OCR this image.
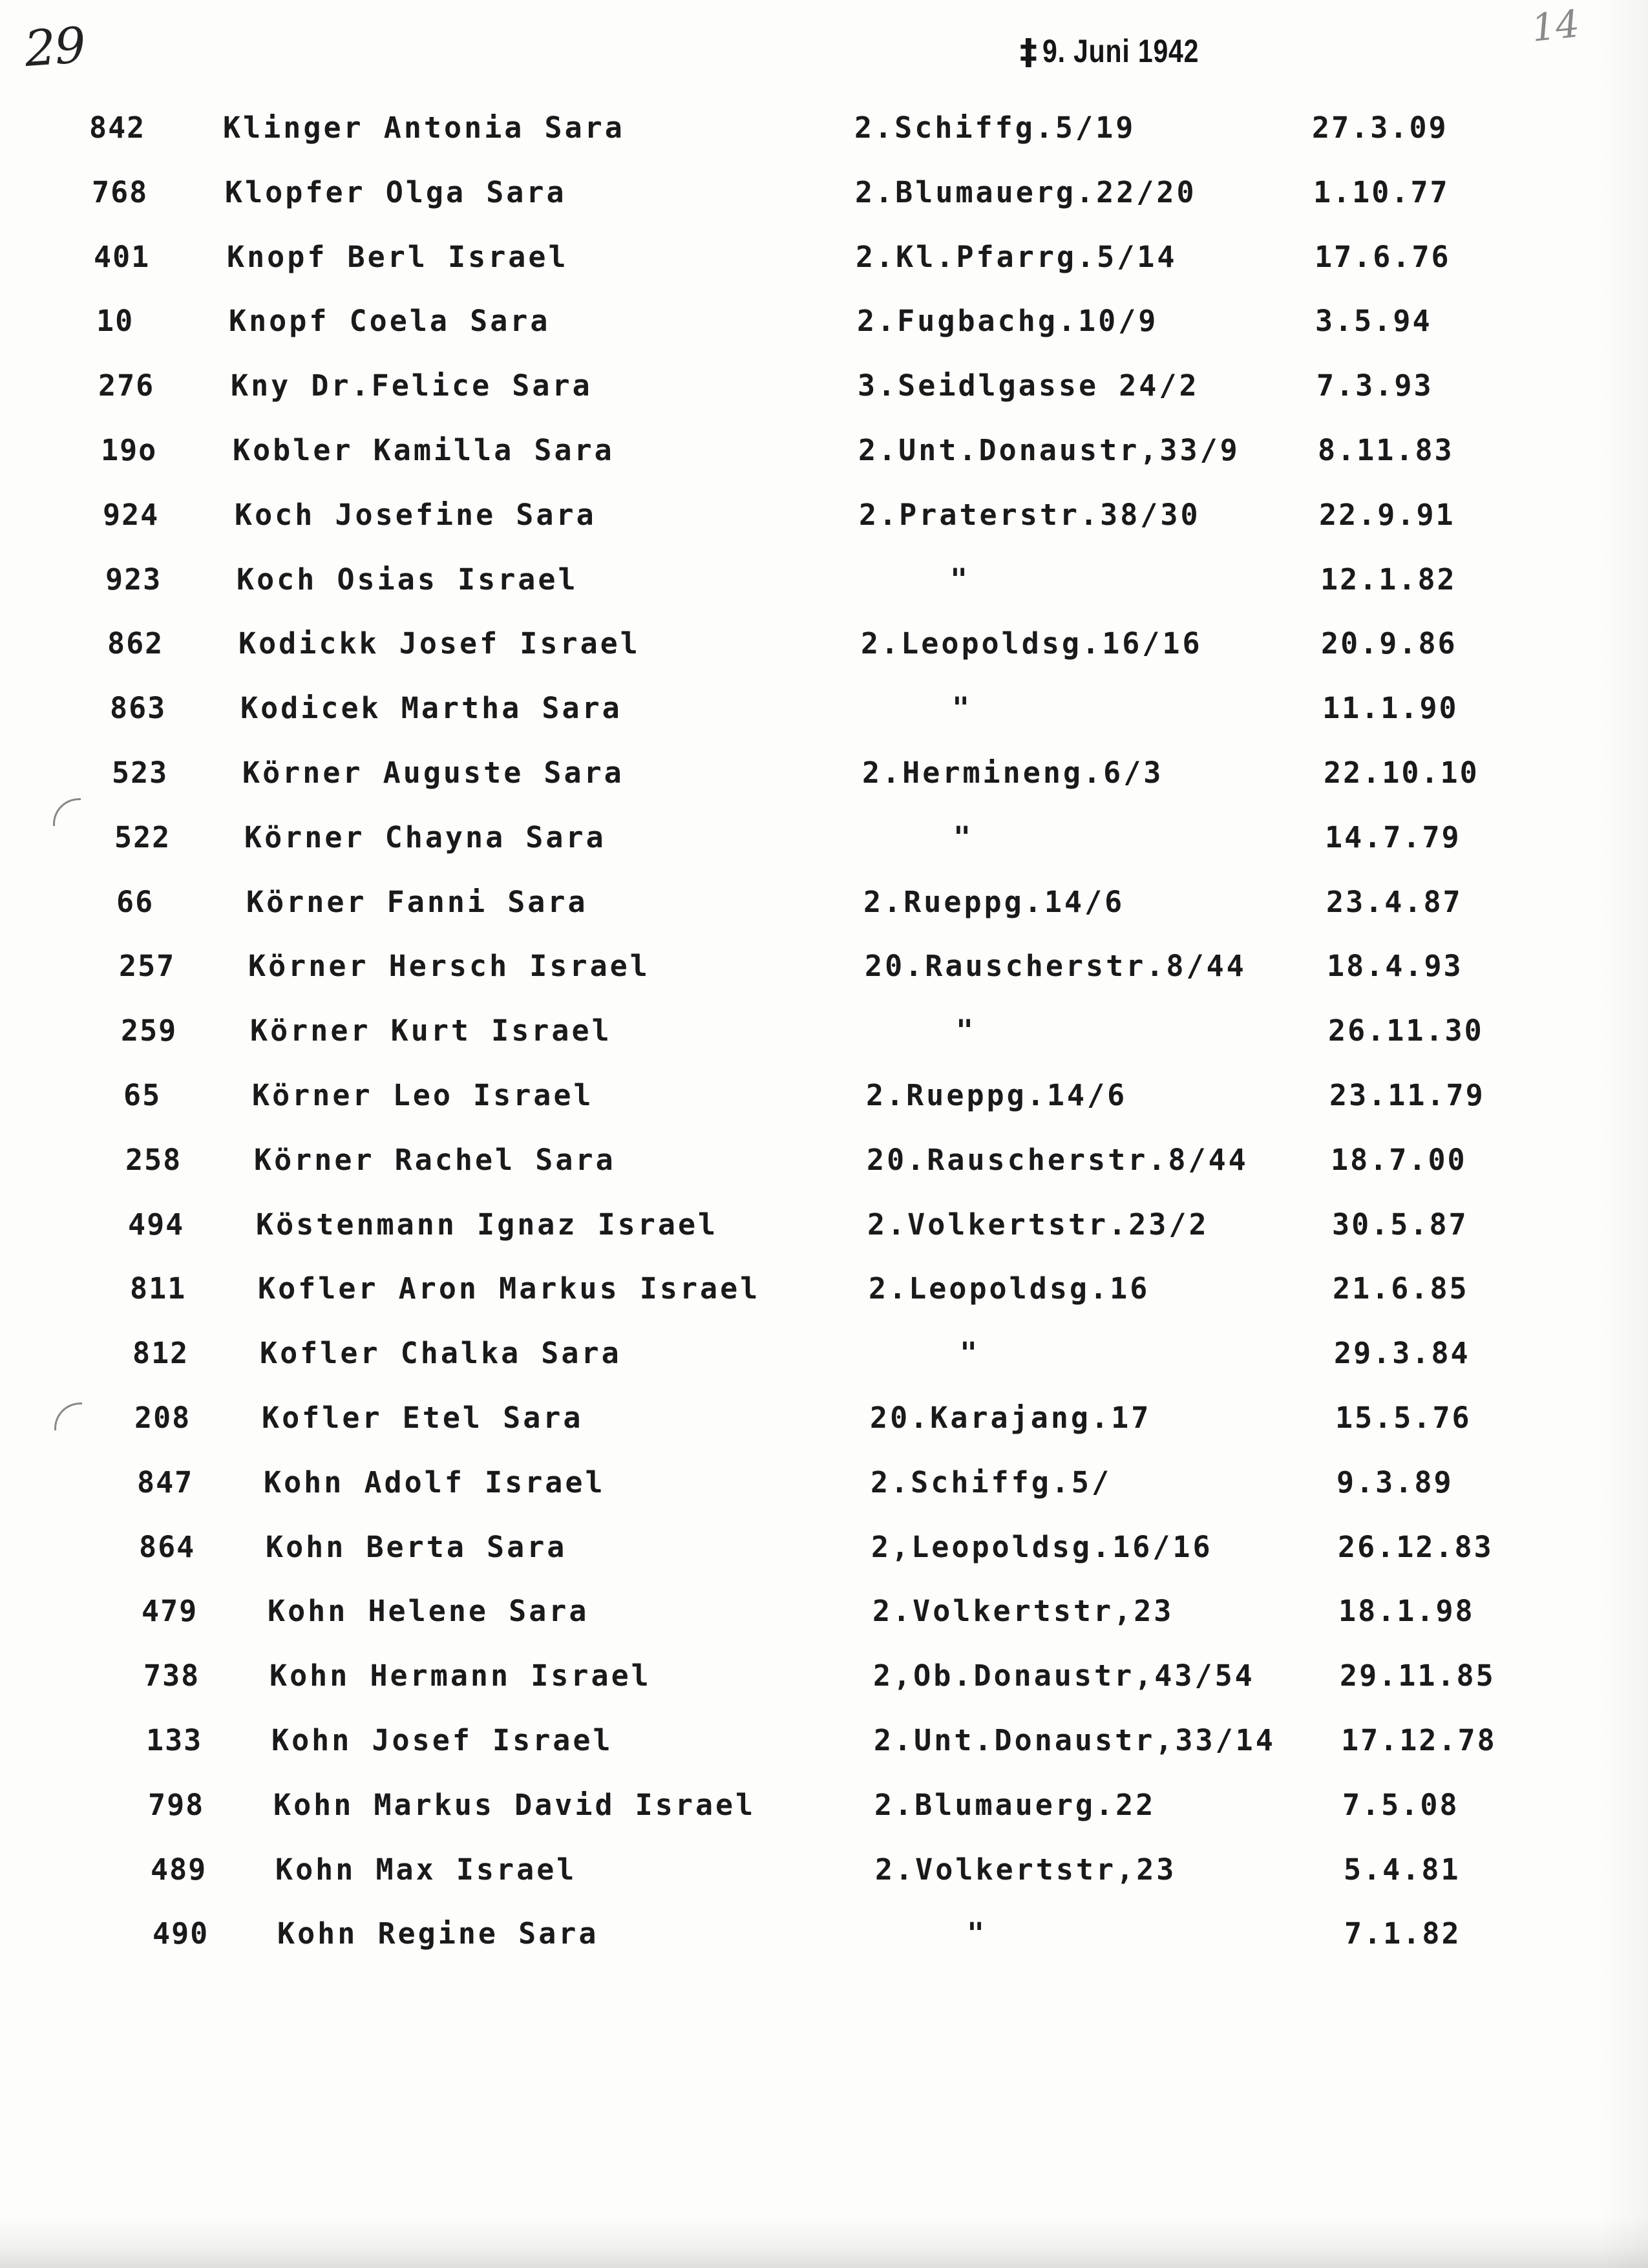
29	14
‡ 9. Juni 1942
842	Klinger Antonia Sara	2.Schiffg.5/19	27.3.09
768	Klopfer Olga Sara	2.Blumauerg.22/20	1.10.77
401	Knopf Berl Israel	2.Kl.Pfarrg.5/14	17.6.76
10	Knopf Coela Sara	2.Fugbachg.10/9	3.5.94
276	Kny Dr.Felice Sara	3.Seidlgasse 24/2	7.3.93
19o	Kobler Kamilla Sara	2.Unt.Donaustr,33/9	8.11.83
924	Koch Josefine Sara	2.Praterstr.38/30	22.9.91
923	Koch Osias Israel	"	12.1.82
862	Kodickk Josef Israel	2.Leopoldsg.16/16	20.9.86
863	Kodicek Martha Sara	"	11.1.90
523	Körner Auguste Sara	2.Hermineng.6/3	22.10.10
522	Körner Chayna Sara	"	14.7.79
66	Körner Fanni Sara	2.Rueppg.14/6	23.4.87
257	Körner Hersch Israel	20.Rauscherstr.8/44	18.4.93
259	Körner Kurt Israel	"	26.11.30
65	Körner Leo Israel	2.Rueppg.14/6	23.11.79
258	Körner Rachel Sara	20.Rauscherstr.8/44	18.7.00
494	Köstenmann Ignaz Israel	2.Volkertstr.23/2	30.5.87
811	Kofler Aron Markus Israel	2.Leopoldsg.16	21.6.85
812	Kofler Chalka Sara	"	29.3.84
208	Kofler Etel Sara	20.Karajang.17	15.5.76
847	Kohn Adolf Israel	2.Schiffg.5/	9.3.89
864	Kohn Berta Sara	2,Leopoldsg.16/16	26.12.83
479	Kohn Helene Sara	2.Volkertstr,23	18.1.98
738	Kohn Hermann Israel	2,Ob.Donaustr,43/54	29.11.85
133	Kohn Josef Israel	2.Unt.Donaustr,33/14 17.12.78
798	Kohn Markus David Israel	2.Blumauerg.22	7.5.08
489	Kohn Max Israel	2.Volkertstr,23	5.4.81
490	Kohn Regine Sara	"	7.1.82
